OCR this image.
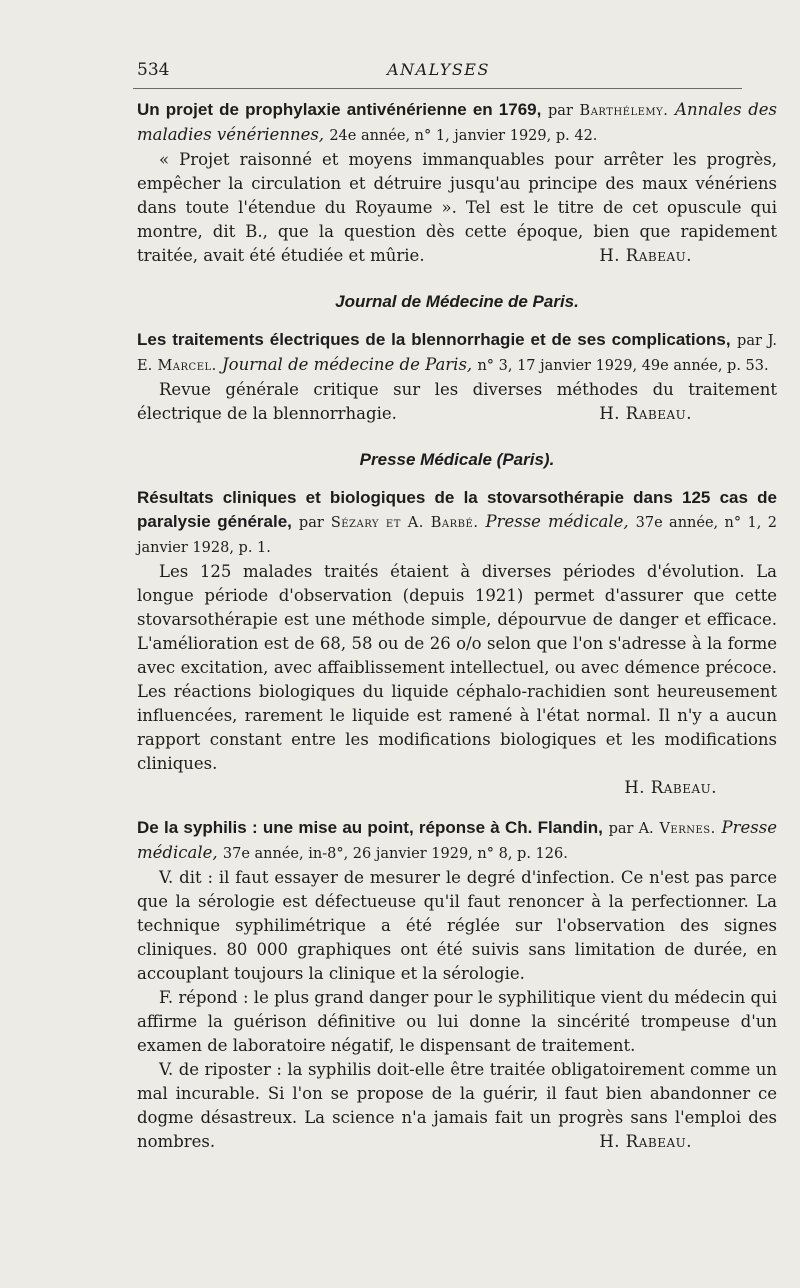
534	ANALYSES

Un projet de prophylaxie antivénérienne en 1769, par Barthélemy. Annales des maladies vénériennes, 24e année, n° 1, janvier 1929, p. 42.

« Projet raisonné et moyens immanquables pour arrêter les progrès, empêcher la circulation et détruire jusqu'au principe des maux vénériens dans toute l'étendue du Royaume ». Tel est le titre de cet opuscule qui montre, dit B., que la question dès cette époque, bien que rapidement traitée, avait été étudiée et mûrie.	H. Rabeau.

Journal de Médecine de Paris.

Les traitements électriques de la blennorrhagie et de ses complications, par J. E. Marcel. Journal de médecine de Paris, n° 3, 17 janvier 1929, 49e année, p. 53.

Revue générale critique sur les diverses méthodes du traitement électrique de la blennorrhagie.	H. Rabeau.

Presse Médicale (Paris).

Résultats cliniques et biologiques de la stovarsothérapie dans 125 cas de paralysie générale, par Sézary et A. Barbé. Presse médicale, 37e année, n° 1, 2 janvier 1928, p. 1.

Les 125 malades traités étaient à diverses périodes d'évolution. La longue période d'observation (depuis 1921) permet d'assurer que cette stovarsothérapie est une méthode simple, dépourvue de danger et efficace. L'amélioration est de 68, 58 ou de 26 o/o selon que l'on s'adresse à la forme avec excitation, avec affaiblissement intellectuel, ou avec démence précoce. Les réactions biologiques du liquide céphalo-rachidien sont heureusement influencées, rarement le liquide est ramené à l'état normal. Il n'y a aucun rapport constant entre les modifications biologiques et les modifications cliniques.

H. Rabeau.

De la syphilis : une mise au point, réponse à Ch. Flandin, par A. Vernes. Presse médicale, 37e année, in-8°, 26 janvier 1929, n° 8, p. 126.

V. dit : il faut essayer de mesurer le degré d'infection. Ce n'est pas parce que la sérologie est défectueuse qu'il faut renoncer à la perfectionner. La technique syphilimétrique a été réglée sur l'observation des signes cliniques. 80 000 graphiques ont été suivis sans limitation de durée, en accouplant toujours la clinique et la sérologie.

F. répond : le plus grand danger pour le syphilitique vient du médecin qui affirme la guérison définitive ou lui donne la sincérité trompeuse d'un examen de laboratoire négatif, le dispensant de traitement.

V. de riposter : la syphilis doit-elle être traitée obligatoirement comme un mal incurable. Si l'on se propose de la guérir, il faut bien abandonner ce dogme désastreux. La science n'a jamais fait un progrès sans l'emploi des nombres.	H. Rabeau.
